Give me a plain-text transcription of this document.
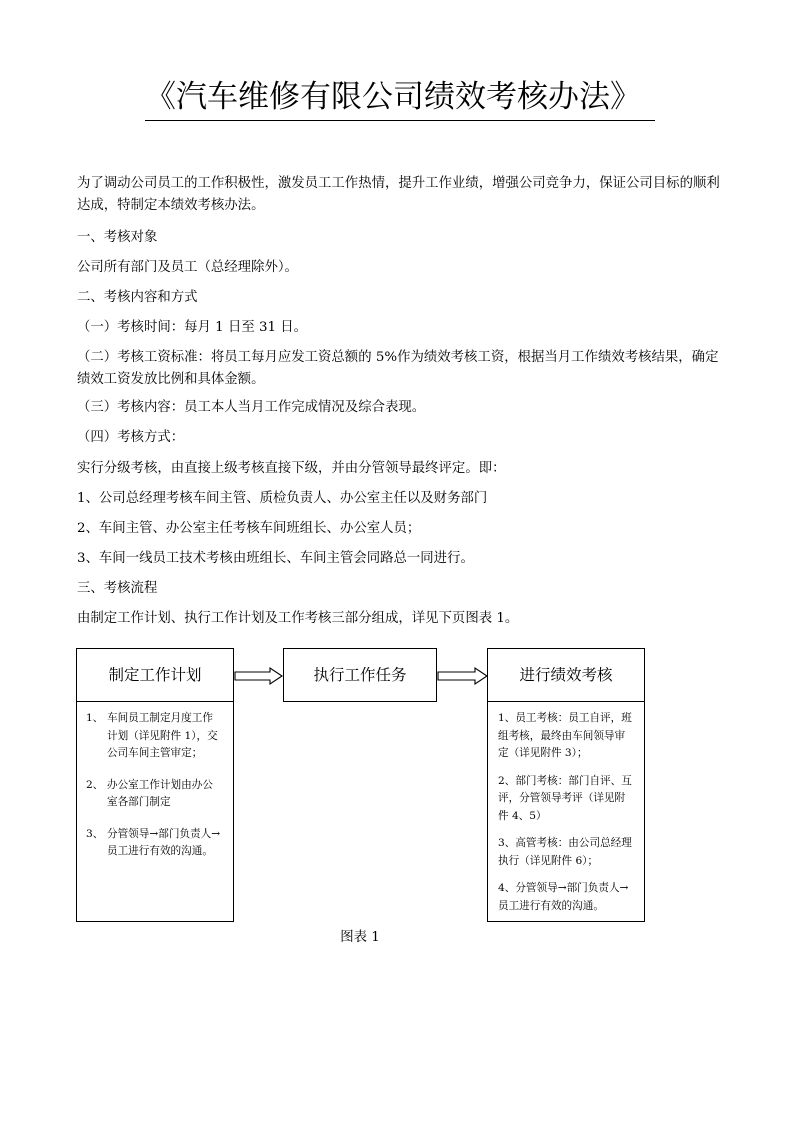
《汽车维修有限公司绩效考核办法》
为了调动公司员工的工作积极性，激发员工工作热情，提升工作业绩，增强公司竞争力，保证公司目标的顺利达成，特制定本绩效考核办法。
一、考核对象
公司所有部门及员工（总经理除外）。
二、考核内容和方式
（一）考核时间：每月 1 日至 31 日。
（二）考核工资标准：将员工每月应发工资总额的 5%作为绩效考核工资，根据当月工作绩效考核结果，确定绩效工资发放比例和具体金额。
（三）考核内容：员工本人当月工作完成情况及综合表现。
（四）考核方式：
实行分级考核，由直接上级考核直接下级，并由分管领导最终评定。即：
1、公司总经理考核车间主管、质检负责人、办公室主任以及财务部门
2、车间主管、办公室主任考核车间班组长、办公室人员；
3、车间一线员工技术考核由班组长、车间主管会同路总一同进行。
三、考核流程
由制定工作计划、执行工作计划及工作考核三部分组成，详见下页图表 1。
制定工作计划
1、 车间员工制定月度工作计划（详见附件 1），交公司车间主管审定；
2、 办公室工作计划由办公室各部门制定
3、 分管领导→部门负责人→员工进行有效的沟通。
执行工作任务	进行绩效考核
1、员工考核：员工自评，班组考核，最终由车间领导审定（详见附件 3）；
2、部门考核：部门自评、互评，分管领导考评（详见附件 4、5）
3、高管考核：由公司总经理执行（详见附件 6）；
4、分管领导→部门负责人→员工进行有效的沟通。
图表 1
